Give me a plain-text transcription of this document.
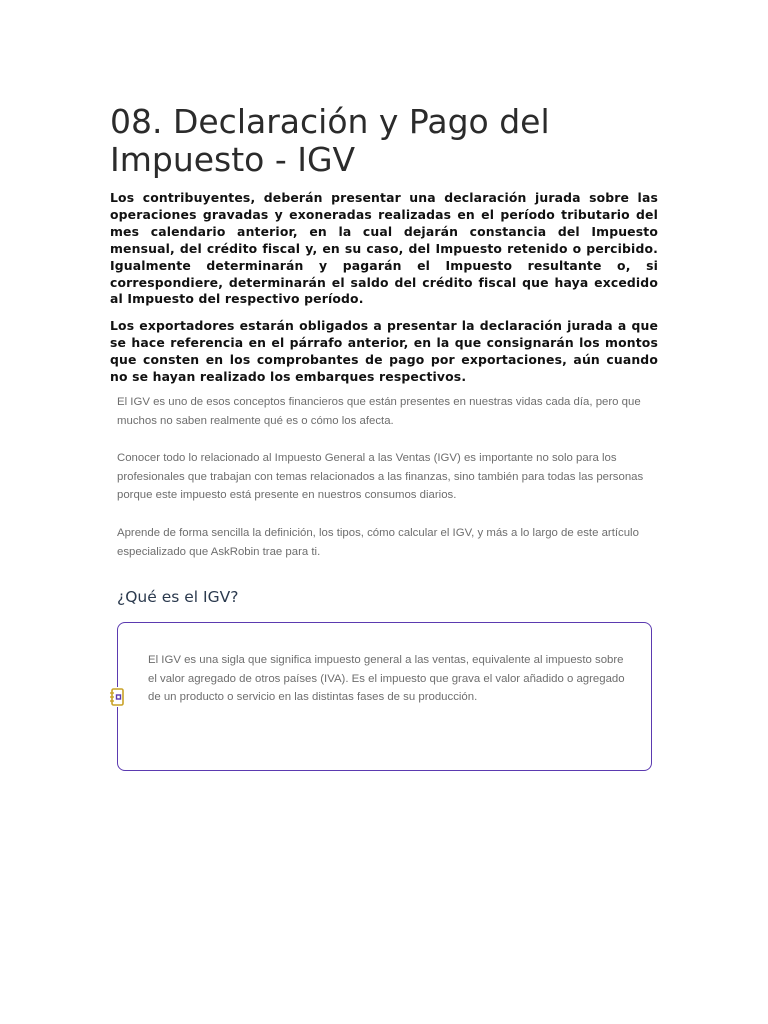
08. Declaración y Pago del Impuesto - IGV

Los contribuyentes, deberán presentar una declaración jurada sobre las operaciones gravadas y exoneradas realizadas en el período tributario del mes calendario anterior, en la cual dejarán constancia del Impuesto mensual, del crédito fiscal y, en su caso, del Impuesto retenido o percibido. Igualmente determinarán y pagarán el Impuesto resultante o, si correspondiere, determinarán el saldo del crédito fiscal que haya excedido al Impuesto del respectivo período.

Los exportadores estarán obligados a presentar la declaración jurada a que se hace referencia en el párrafo anterior, en la que consignarán los montos que consten en los comprobantes de pago por exportaciones, aún cuando no se hayan realizado los embarques respectivos.

El IGV es uno de esos conceptos financieros que están presentes en nuestras vidas cada día, pero que muchos no saben realmente qué es o cómo los afecta.

Conocer todo lo relacionado al Impuesto General a las Ventas (IGV) es importante no solo para los profesionales que trabajan con temas relacionados a las finanzas, sino también para todas las personas porque este impuesto está presente en nuestros consumos diarios.

Aprende de forma sencilla la definición, los tipos, cómo calcular el IGV, y más a lo largo de este artículo especializado que AskRobin trae para ti.

¿Qué es el IGV?

El IGV es una sigla que significa impuesto general a las ventas, equivalente al impuesto sobre el valor agregado de otros países (IVA). Es el impuesto que grava el valor añadido o agregado de un producto o servicio en las distintas fases de su producción.
